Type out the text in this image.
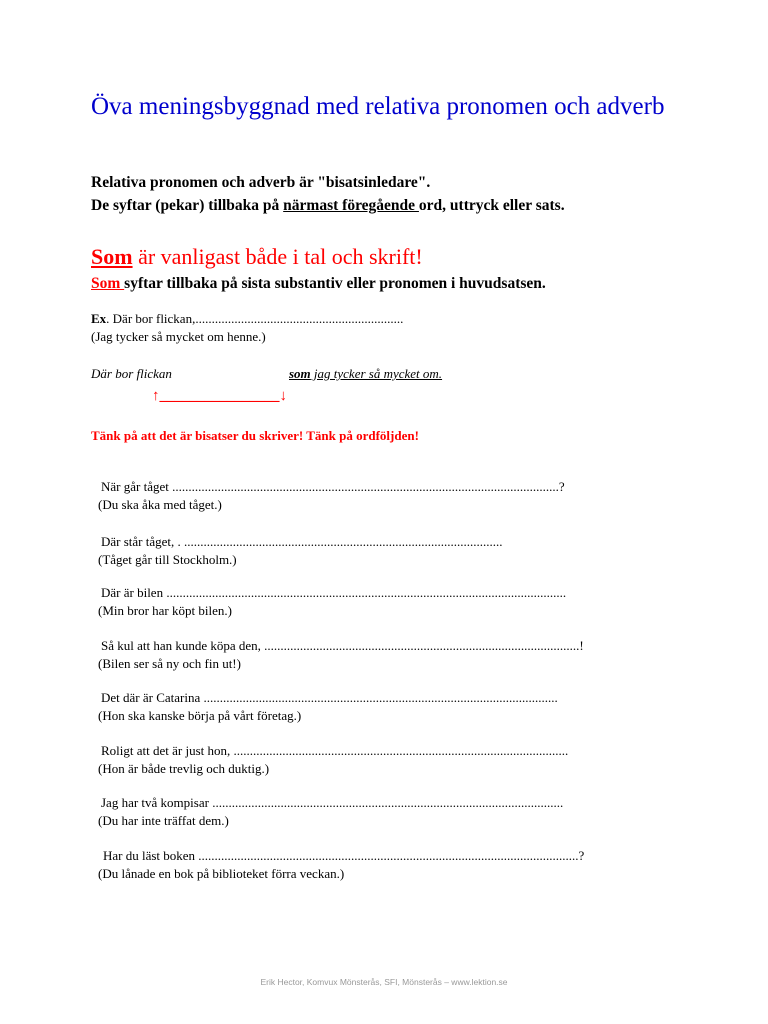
Öva meningsbyggnad med relativa pronomen och adverb
Relativa pronomen och adverb är "bisatsinledare".
De syftar (pekar) tillbaka på närmast föregående ord, uttryck eller sats.
Som är vanligast både i tal och skrift!
Som syftar tillbaka på sista substantiv eller pronomen i huvudsatsen.
Ex. Där bor flickan,................................................................
(Jag tycker så mycket om henne.)
Där bor flickan	som jag tycker så mycket om.
↑________________↓
Tänk på att det är bisatser du skriver! Tänk på ordföljden!
När går tåget .......................................................................................................................?
(Du ska åka med tåget.)
Där står tåget, . ..................................................................................................
(Tåget går till Stockholm.)
Där är bilen ...........................................................................................................................
(Min bror har köpt bilen.)
Så kul att han kunde köpa den, .................................................................................................!
(Bilen ser så ny och fin ut!)
Det där är Catarina .............................................................................................................
(Hon ska kanske börja på vårt företag.)
Roligt att det är just hon, .......................................................................................................
(Hon är både trevlig och duktig.)
Jag har två kompisar ............................................................................................................
(Du har inte träffat dem.)
Har du läst boken .....................................................................................................................?
(Du lånade en bok på biblioteket förra veckan.)
Erik Hector, Komvux Mönsterås, SFI, Mönsterås – www.lektion.se
